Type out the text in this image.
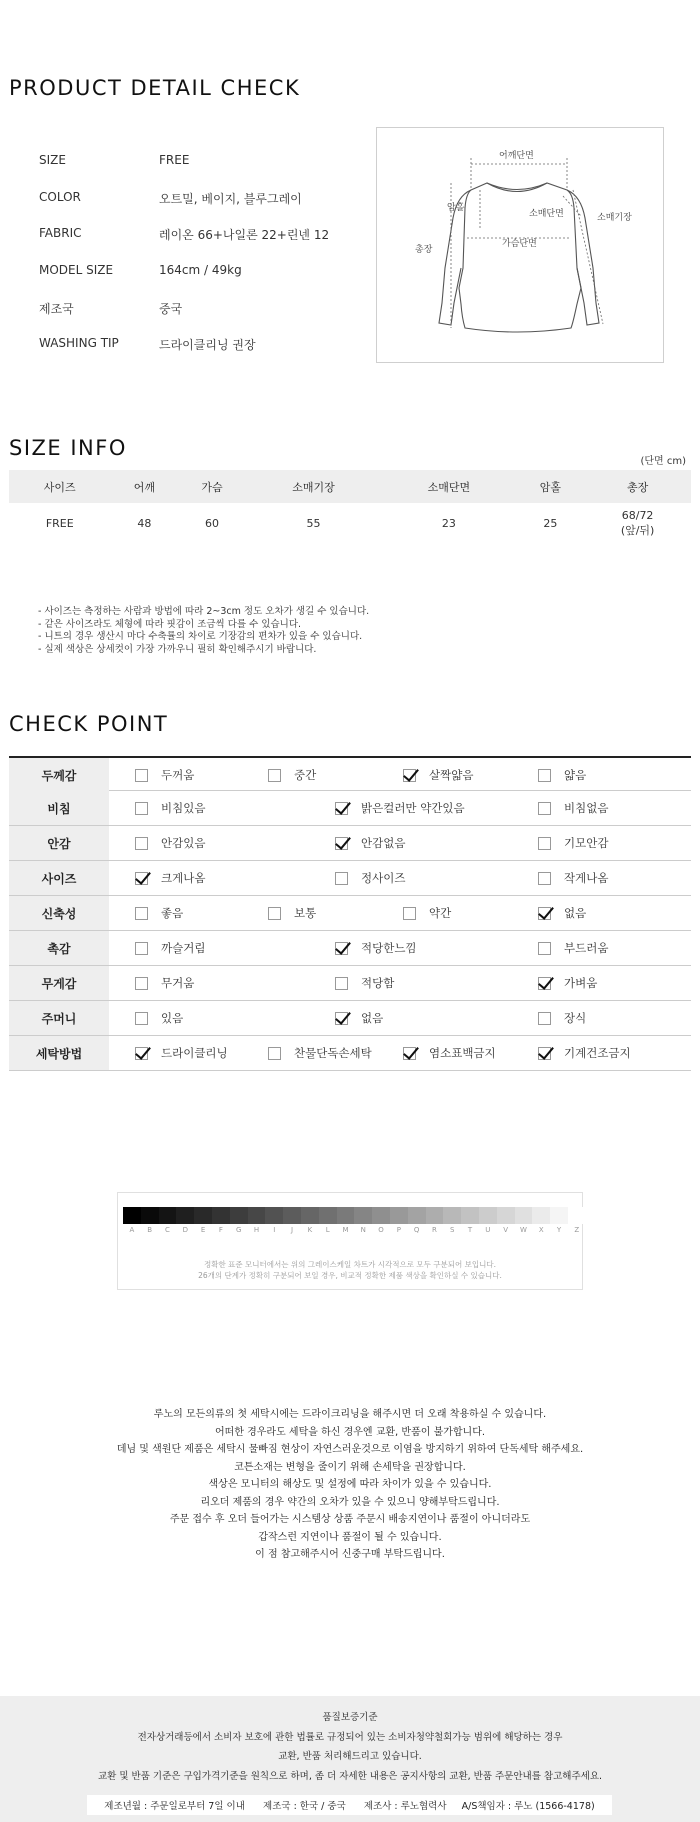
PRODUCT DETAIL CHECK
SIZE	FREE
COLOR	오트밀, 베이지, 블루그레이
FABRIC	레이온 66+나일론 22+린넨 12
MODEL SIZE	164cm / 49kg
제조국	중국
WASHING TIP	드라이클리닝 권장
어깨단면
암홀
소매단면	소매기장
가슴단면
총장
SIZE INFO
(단면 cm)
사이즈	어깨	가슴	소매기장	소매단면	암홀	총장

FREE	48	60	55	23	25	68/72
(앞/뒤)
- 사이즈는 측정하는 사람과 방법에 따라 2~3cm 정도 오차가 생길 수 있습니다.
- 같은 사이즈라도 체형에 따라 핏감이 조금씩 다를 수 있습니다.
- 니트의 경우 생산시 마다 수축률의 차이로 기장감의 편차가 있을 수 있습니다.
- 실제 색상은 상세컷이 가장 가까우니 필히 확인해주시기 바랍니다.
CHECK POINT
두께감	두꺼움	중간	살짝얇음	얇음
비침	비침있음	밝은컬러만 약간있음	비침없음
안감	안감있음	안감없음	기모안감
사이즈	크게나옴	정사이즈	작게나옴
신축성	좋음	보통	약간	없음
촉감	까슬거림	적당한느낌	부드러움
무게감	무거움	적당함	가벼움
주머니	있음	없음	장식
세탁방법	드라이클리닝	찬물단독손세탁	염소표백금지	기계건조금지
A	B	C	D	E	F	G	H	I	J	K	L	M	N	O	P	Q	R	S	T	U	V	W	X	Y	Z
정확한 표준 모니터에서는 위의 그레이스케일 차트가 시각적으로 모두 구분되어 보입니다.
26개의 단계가 정확히 구분되어 보일 경우, 비교적 정확한 제품 색상을 확인하실 수 있습니다.
루노의 모든의류의 첫 세탁시에는 드라이크리닝을 해주시면 더 오래 착용하실 수 있습니다.
어떠한 경우라도 세탁을 하신 경우엔 교환, 반품이 불가합니다.
데님 및 색원단 제품은 세탁시 물빠짐 현상이 자연스러운것으로 이염을 방지하기 위하여 단독세탁 해주세요.
코튼소재는 변형을 줄이기 위해 손세탁을 권장합니다.
색상은 모니터의 해상도 및 설정에 따라 차이가 있을 수 있습니다.
리오더 제품의 경우 약간의 오차가 있을 수 있으니 양해부탁드립니다.
주문 접수 후 오더 들어가는 시스템상 상품 주문시 배송지연이나 품절이 아니더라도
갑작스런 지연이나 품절이 될 수 있습니다.
이 점 참고해주시어 신중구매 부탁드립니다.
품질보증기준
전자상거래등에서 소비자 보호에 관한 법률로 규정되어 있는 소비자청약철회가능 범위에 해당하는 경우
교환, 반품 처리해드리고 있습니다.
교환 및 반품 기준은 구입가격기준을 원칙으로 하며, 좀 더 자세한 내용은 공지사항의 교환, 반품 주문안내를 참고해주세요.
제조년월 : 주문일로부터 7일 이내      제조국 : 한국 / 중국      제조사 : 루노협력사     A/S책임자 : 루노 (1566-4178)
